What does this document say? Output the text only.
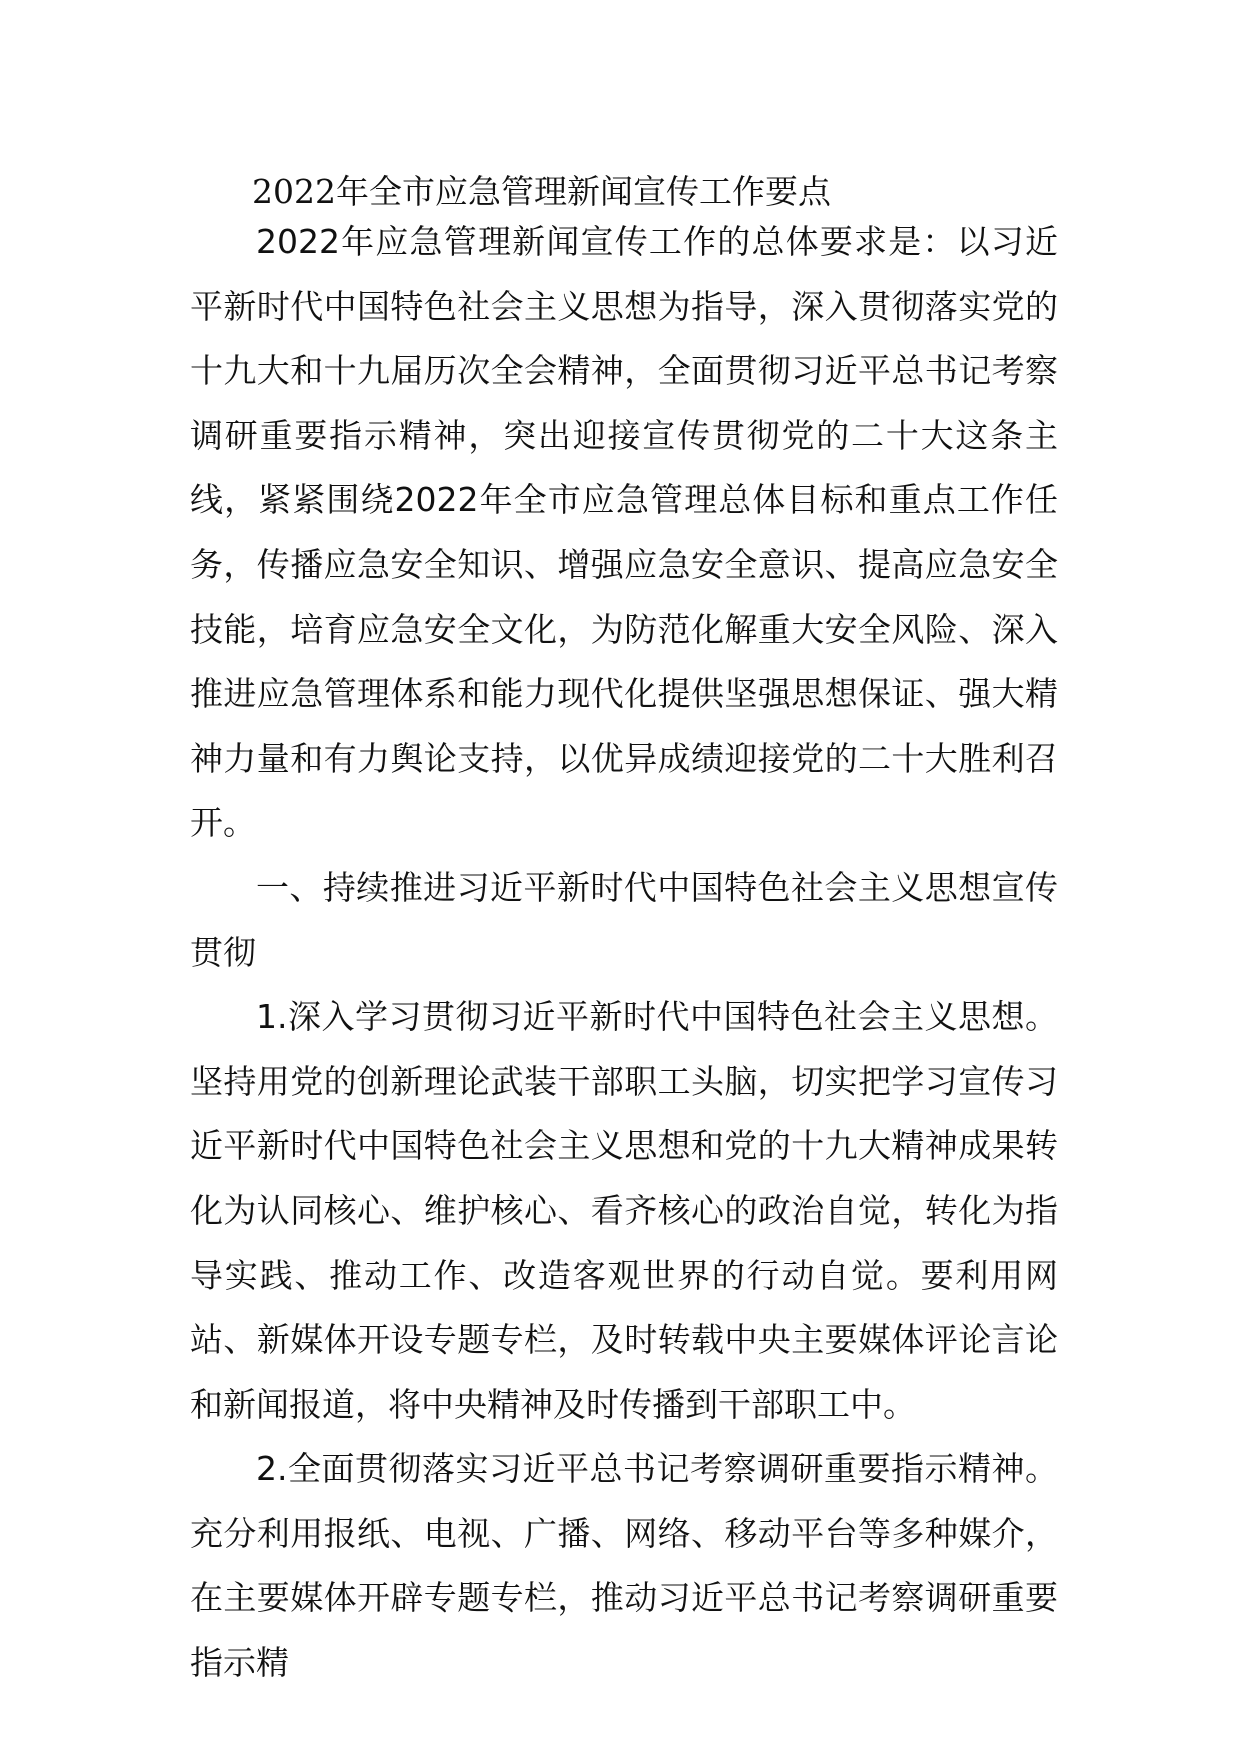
2022年全市应急管理新闻宣传工作要点

2022年应急管理新闻宣传工作的总体要求是：以习近平新时代中国特色社会主义思想为指导，深入贯彻落实党的十九大和十九届历次全会精神，全面贯彻习近平总书记考察调研重要指示精神，突出迎接宣传贯彻党的二十大这条主线，紧紧围绕2022年全市应急管理总体目标和重点工作任务，传播应急安全知识、增强应急安全意识、提高应急安全技能，培育应急安全文化，为防范化解重大安全风险、深入推进应急管理体系和能力现代化提供坚强思想保证、强大精神力量和有力舆论支持，以优异成绩迎接党的二十大胜利召开。

一、持续推进习近平新时代中国特色社会主义思想宣传贯彻

1.深入学习贯彻习近平新时代中国特色社会主义思想。坚持用党的创新理论武装干部职工头脑，切实把学习宣传习近平新时代中国特色社会主义思想和党的十九大精神成果转化为认同核心、维护核心、看齐核心的政治自觉，转化为指导实践、推动工作、改造客观世界的行动自觉。要利用网站、新媒体开设专题专栏，及时转载中央主要媒体评论言论和新闻报道，将中央精神及时传播到干部职工中。

2.全面贯彻落实习近平总书记考察调研重要指示精神。充分利用报纸、电视、广播、网络、移动平台等多种媒介，在主要媒体开辟专题专栏，推动习近平总书记考察调研重要指示精
